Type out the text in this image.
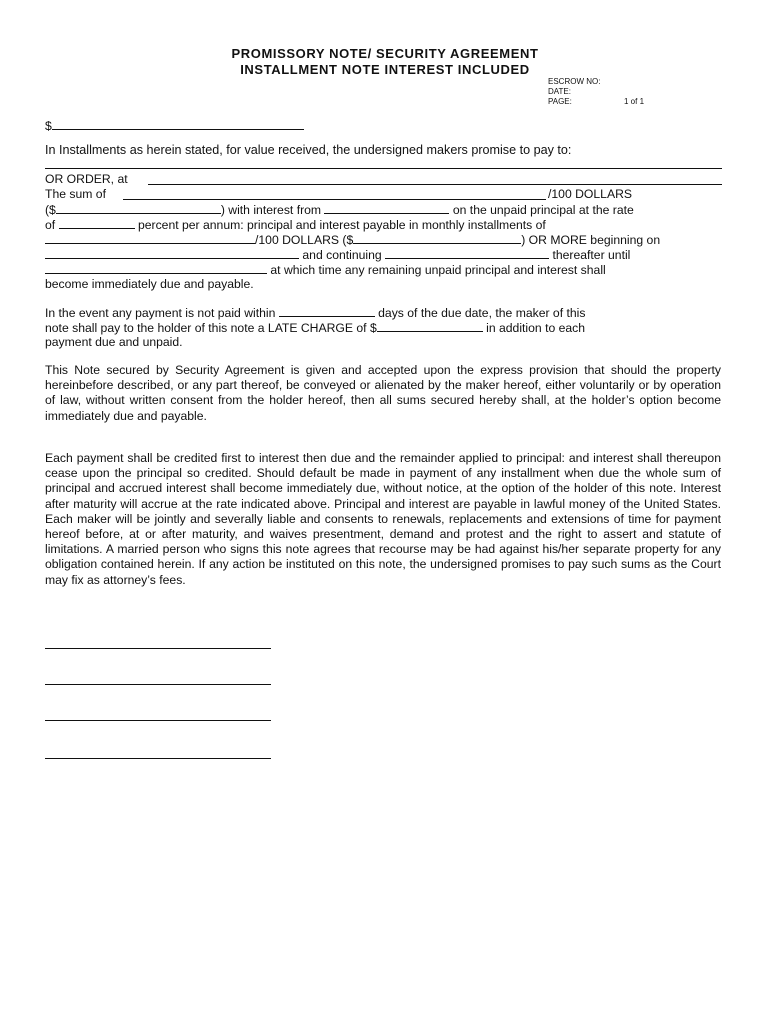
PROMISSORY NOTE/ SECURITY AGREEMENT
INSTALLMENT NOTE INTEREST INCLUDED
ESCROW NO:
DATE:
PAGE:	1 of 1
$
In Installments as herein stated, for value received, the undersigned makers promise to pay to:
OR ORDER, at
The sum of	/100 DOLLARS
($	) with interest from	on the unpaid principal at the rate
of	percent per annum: principal and interest payable in monthly installments of
/100 DOLLARS ($	) OR MORE beginning on
and continuing	thereafter until
at which time any remaining unpaid principal and interest shall
become immediately due and payable.
In the event any payment is not paid within	days of the due date, the maker of this
note shall pay to the holder of this note a LATE CHARGE of $	in addition to each
payment due and unpaid.
This Note secured by Security Agreement is given and accepted upon the express provision that should the property hereinbefore described, or any part thereof, be conveyed or alienated by the maker hereof, either voluntarily or by operation of law, without written consent from the holder hereof, then all sums secured hereby shall, at the holder’s option become immediately due and payable.
Each payment shall be credited first to interest then due and the remainder applied to principal: and interest shall thereupon cease upon the principal so credited. Should default be made in payment of any installment when due the whole sum of principal and accrued interest shall become immediately due, without notice, at the option of the holder of this note. Interest after maturity will accrue at the rate indicated above. Principal and interest are payable in lawful money of the United States. Each maker will be jointly and severally liable and consents to renewals, replacements and extensions of time for payment hereof before, at or after maturity, and waives presentment, demand and protest and the right to assert and statute of limitations. A married person who signs this note agrees that recourse may be had against his/her separate property for any obligation contained herein. If any action be instituted on this note, the undersigned promises to pay such sums as the Court may fix as attorney’s fees.
